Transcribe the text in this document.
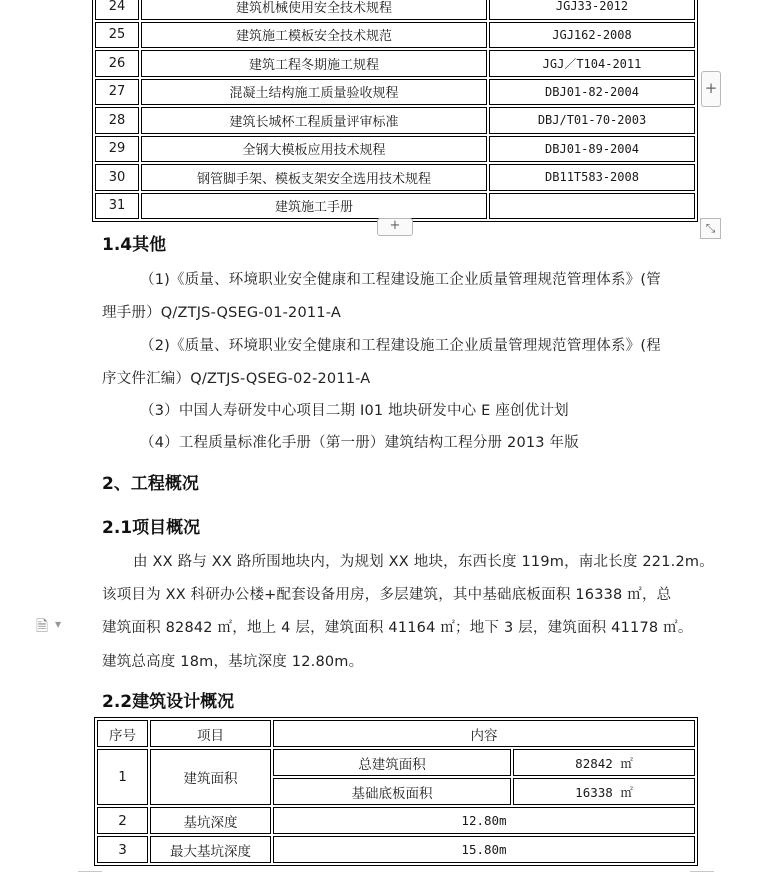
24	建筑机械使用安全技术规程	JGJ33-2012
25	建筑施工模板安全技术规范	JGJ162-2008
26	建筑工程冬期施工规程	JGJ／T104-2011
27	混凝土结构施工质量验收规程	DBJ01-82-2004
28	建筑长城杯工程质量评审标准	DBJ/T01-70-2003
29	全钢大模板应用技术规程	DBJ01-89-2004
30	钢管脚手架、模板支架安全选用技术规程	DB11T583-2008
31	建筑施工手册	
+
+	⤡
1.4其他
（1)《质量、环境职业安全健康和工程建设施工企业质量管理规范管理体系》(管
理手册）Q/ZTJS-QSEG-01-2011-A
（2)《质量、环境职业安全健康和工程建设施工企业质量管理规范管理体系》(程
序文件汇编）Q/ZTJS-QSEG-02-2011-A
（3）中国人寿研发中心项目二期 I01 地块研发中心 E 座创优计划
（4）工程质量标准化手册（第一册）建筑结构工程分册 2013 年版
2、工程概况
2.1项目概况
由 XX 路与 XX 路所围地块内，为规划 XX 地块，东西长度 119m，南北长度 221.2m。
该项目为 XX 科研办公楼+配套设备用房，多层建筑，其中基础底板面积 16338 ㎡，总
建筑面积 82842 ㎡，地上 4 层，建筑面积 41164 ㎡；地下 3 层，建筑面积 41178 ㎡。
建筑总高度 18m，基坑深度 12.80m。
🗎 ▼
2.2建筑设计概况
序号	项目	内容	
1	建筑面积	总建筑面积	82842 ㎡
		基础底板面积	16338 ㎡
2	基坑深度	12.80m	
3	最大基坑深度	15.80m	
